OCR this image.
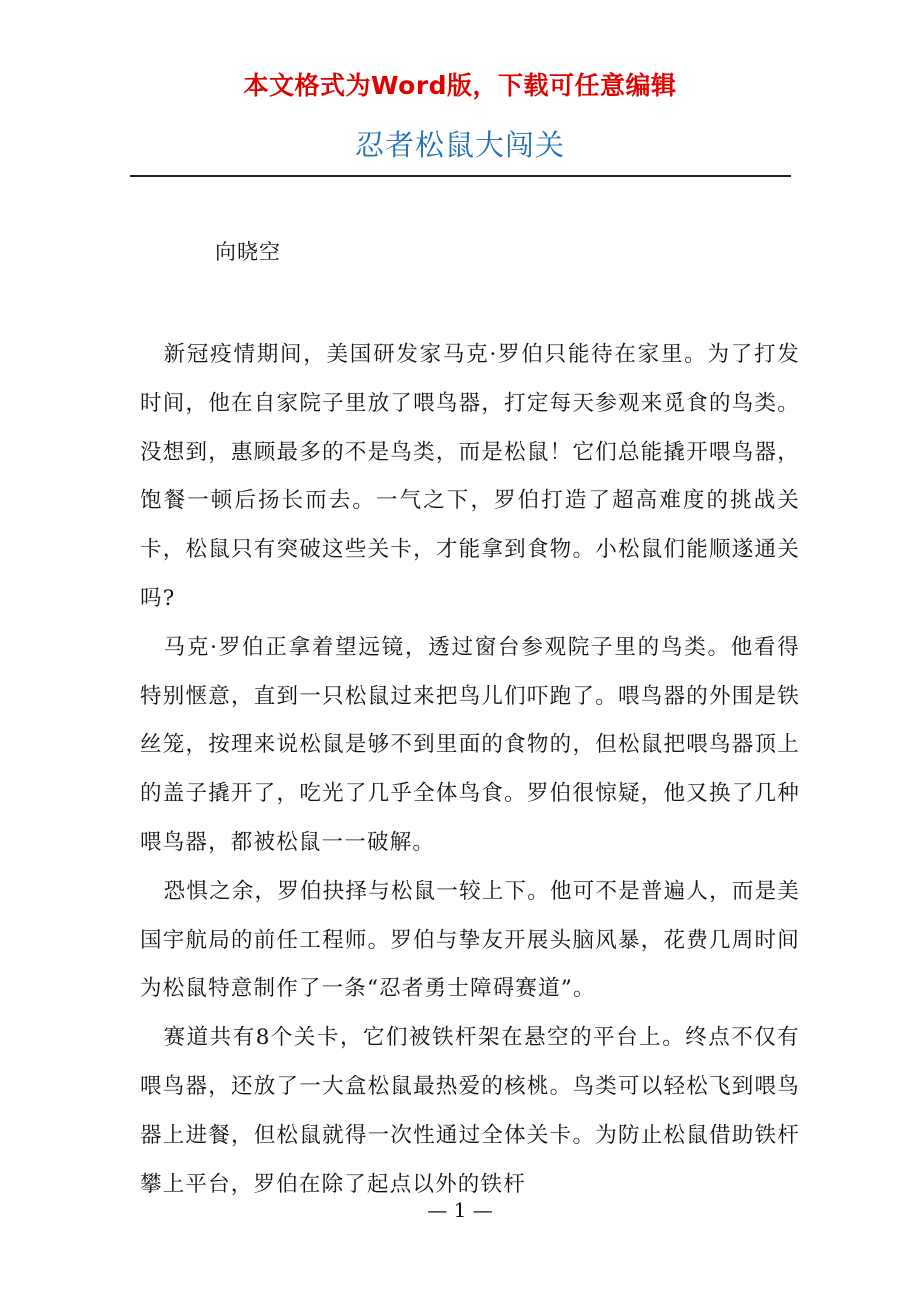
本文格式为Word版，下载可任意编辑
忍者松鼠大闯关
向晓空

新冠疫情期间，美国研发家马克·罗伯只能待在家里。为了打发时间，他在自家院子里放了喂鸟器，打定每天参观来觅食的鸟类。没想到，惠顾最多的不是鸟类，而是松鼠！它们总能撬开喂鸟器，饱餐一顿后扬长而去。一气之下，罗伯打造了超高难度的挑战关卡，松鼠只有突破这些关卡，才能拿到食物。小松鼠们能顺遂通关吗?

马克·罗伯正拿着望远镜，透过窗台参观院子里的鸟类。他看得特别惬意，直到一只松鼠过来把鸟儿们吓跑了。喂鸟器的外围是铁丝笼，按理来说松鼠是够不到里面的食物的，但松鼠把喂鸟器顶上的盖子撬开了，吃光了几乎全体鸟食。罗伯很惊疑，他又换了几种喂鸟器，都被松鼠一一破解。

恐惧之余，罗伯抉择与松鼠一较上下。他可不是普遍人，而是美国宇航局的前任工程师。罗伯与挚友开展头脑风暴，花费几周时间为松鼠特意制作了一条“忍者勇士障碍赛道”。

赛道共有8个关卡，它们被铁杆架在悬空的平台上。终点不仅有喂鸟器，还放了一大盒松鼠最热爱的核桃。鸟类可以轻松飞到喂鸟器上进餐，但松鼠就得一次性通过全体关卡。为防止松鼠借助铁杆攀上平台，罗伯在除了起点以外的铁杆

— 1 —
